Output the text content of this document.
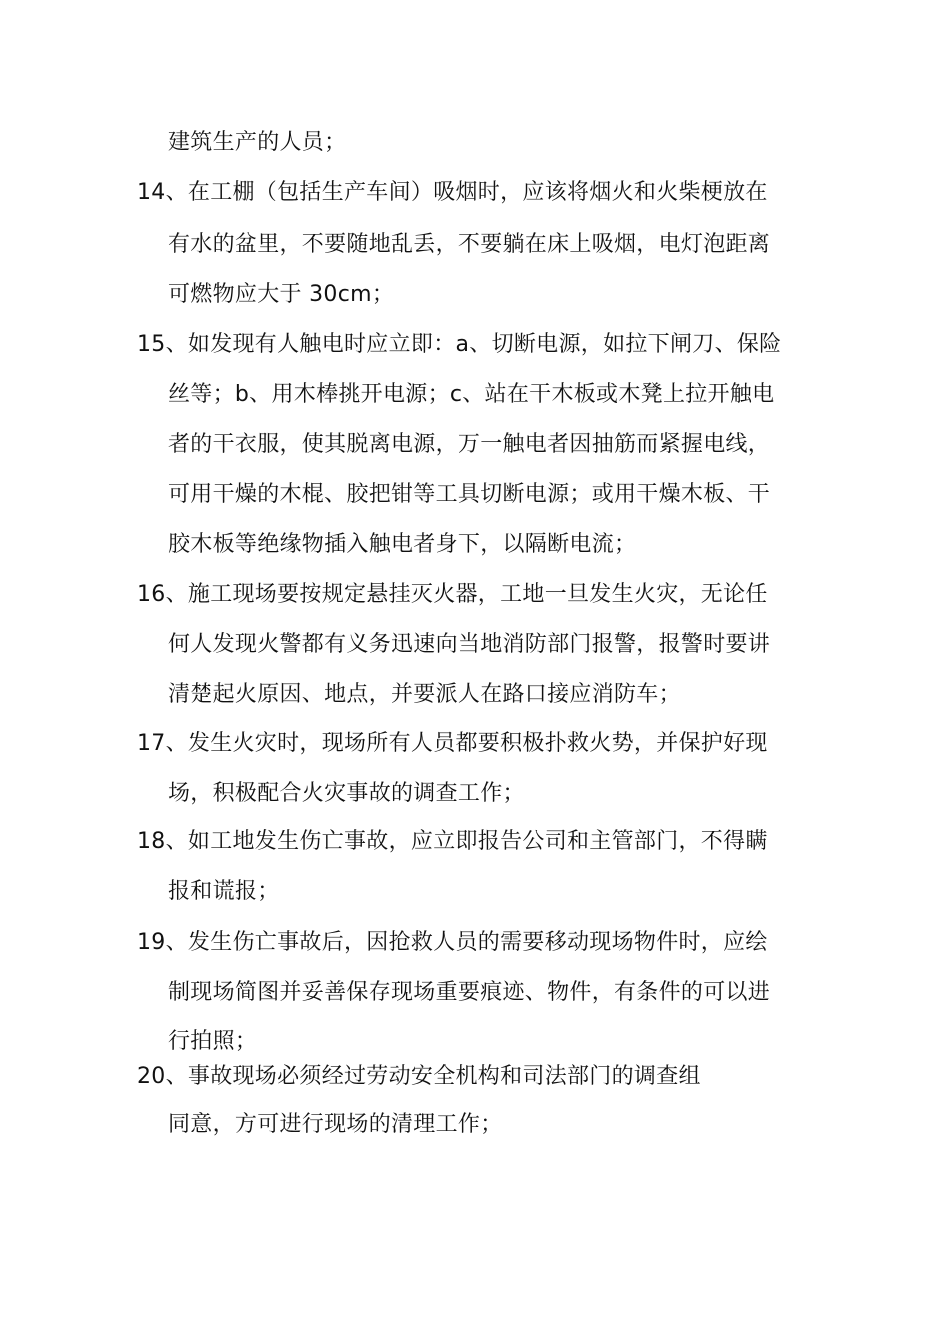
建筑生产的人员；
14、在工棚（包括生产车间）吸烟时，应该将烟火和火柴梗放在
有水的盆里，不要随地乱丢，不要躺在床上吸烟，电灯泡距离
可燃物应大于 30cm；
15、如发现有人触电时应立即：a、切断电源，如拉下闸刀、保险
丝等；b、用木棒挑开电源；c、站在干木板或木凳上拉开触电
者的干衣服，使其脱离电源，万一触电者因抽筋而紧握电线，
可用干燥的木棍、胶把钳等工具切断电源；或用干燥木板、干
胶木板等绝缘物插入触电者身下，以隔断电流；
16、施工现场要按规定悬挂灭火器，工地一旦发生火灾，无论任
何人发现火警都有义务迅速向当地消防部门报警，报警时要讲
清楚起火原因、地点，并要派人在路口接应消防车；
17、发生火灾时，现场所有人员都要积极扑救火势，并保护好现
场，积极配合火灾事故的调查工作；
18、如工地发生伤亡事故，应立即报告公司和主管部门，不得瞒
报和谎报；
19、发生伤亡事故后，因抢救人员的需要移动现场物件时，应绘
制现场简图并妥善保存现场重要痕迹、物件，有条件的可以进
行拍照；
20、事故现场必须经过劳动安全机构和司法部门的调查组
同意，方可进行现场的清理工作；
